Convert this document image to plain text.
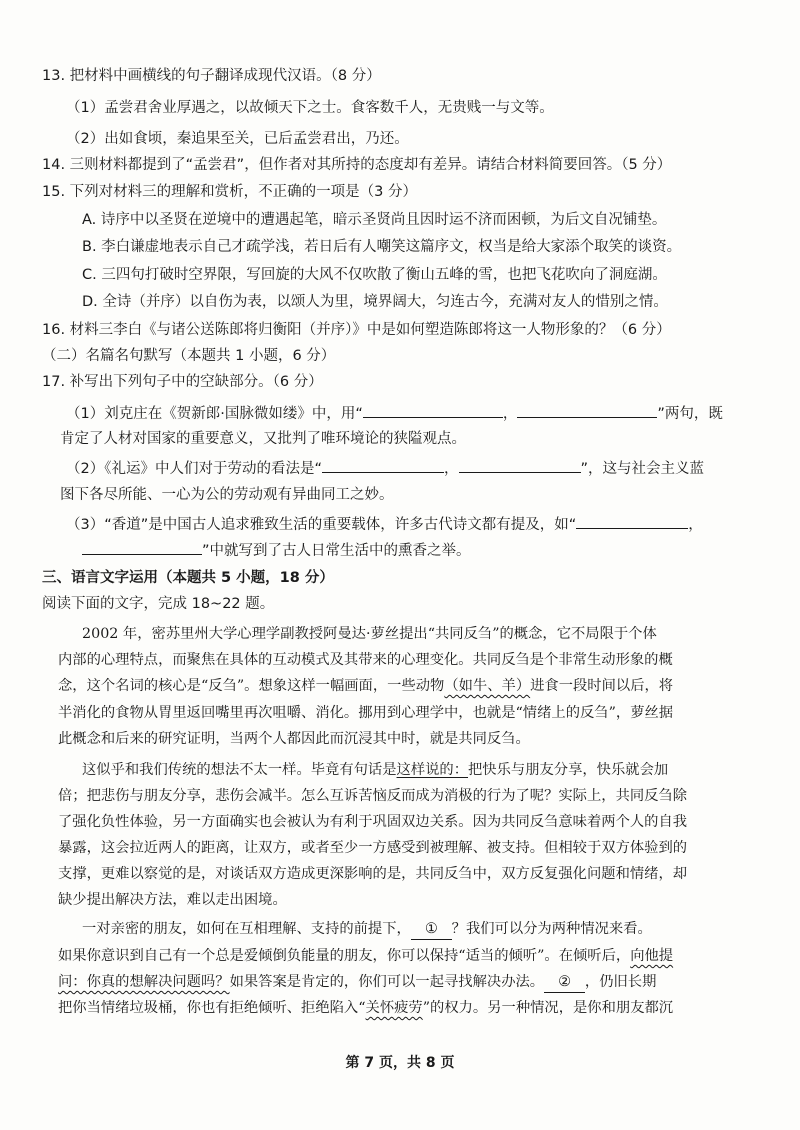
13. 把材料中画横线的句子翻译成现代汉语。（8 分）
（1）孟尝君舍业厚遇之，以故倾天下之士。食客数千人，无贵贱一与文等。
（2）出如食顷，秦追果至关，已后孟尝君出，乃还。
14. 三则材料都提到了“孟尝君”，但作者对其所持的态度却有差异。请结合材料简要回答。（5 分）
15. 下列对材料三的理解和赏析，不正确的一项是（3 分）
A. 诗序中以圣贤在逆境中的遭遇起笔，暗示圣贤尚且因时运不济而困顿，为后文自况铺垫。
B. 李白谦虚地表示自己才疏学浅，若日后有人嘲笑这篇序文，权当是给大家添个取笑的谈资。
C. 三四句打破时空界限，写回旋的大风不仅吹散了衡山五峰的雪，也把飞花吹向了洞庭湖。
D. 全诗（并序）以自伤为表，以颂人为里，境界阔大，匀连古今，充满对友人的惜别之情。
16. 材料三李白《与诸公送陈郎将归衡阳（并序）》中是如何塑造陈郎将这一人物形象的？（6 分）
（二）名篇名句默写（本题共 1 小题，6 分）
17. 补写出下列句子中的空缺部分。（6 分）
（1）刘克庄在《贺新郎·国脉微如缕》中，用“	，	”两句，既
肯定了人材对国家的重要意义，又批判了唯环境论的狭隘观点。
（2）《礼运》中人们对于劳动的看法是“	，	”，这与社会主义蓝
图下各尽所能、一心为公的劳动观有异曲同工之妙。
（3）“香道”是中国古人追求雅致生活的重要载体，许多古代诗文都有提及，如“	，
”中就写到了古人日常生活中的熏香之举。
三、语言文字运用（本题共 5 小题，18 分）
阅读下面的文字，完成 18~22 题。
2002 年，密苏里州大学心理学副教授阿曼达·萝丝提出“共同反刍”的概念，它不局限于个体
内部的心理特点，而聚焦在具体的互动模式及其带来的心理变化。共同反刍是个非常生动形象的概
念，这个名词的核心是“反刍”。想象这样一幅画面，一些动物（如牛、羊）进食一段时间以后，将
半消化的食物从胃里返回嘴里再次咀嚼、消化。挪用到心理学中，也就是“情绪上的反刍”，萝丝据
此概念和后来的研究证明，当两个人都因此而沉浸其中时，就是共同反刍。
这似乎和我们传统的想法不太一样。毕竟有句话是这样说的：把快乐与朋友分享，快乐就会加
倍；把悲伤与朋友分享，悲伤会减半。怎么互诉苦恼反而成为消极的行为了呢？实际上，共同反刍除
了强化负性体验，另一方面确实也会被认为有利于巩固双边关系。因为共同反刍意味着两个人的自我
暴露，这会拉近两人的距离，让双方，或者至少一方感受到被理解、被支持。但相较于双方体验到的
支撑，更难以察觉的是，对谈话双方造成更深影响的是，共同反刍中，双方反复强化问题和情绪，却
缺少提出解决方法，难以走出困境。
一对亲密的朋友，如何在互相理解、支持的前提下， ① ？我们可以分为两种情况来看。
如果你意识到自己有一个总是爱倾倒负能量的朋友，你可以保持“适当的倾听”。在倾听后，向他提
问：你真的想解决问题吗？如果答案是肯定的，你们可以一起寻找解决办法。 ② ，仍旧长期
把你当情绪垃圾桶，你也有拒绝倾听、拒绝陷入“关怀疲劳”的权力。另一种情况，是你和朋友都沉
第 7 页，共 8 页
